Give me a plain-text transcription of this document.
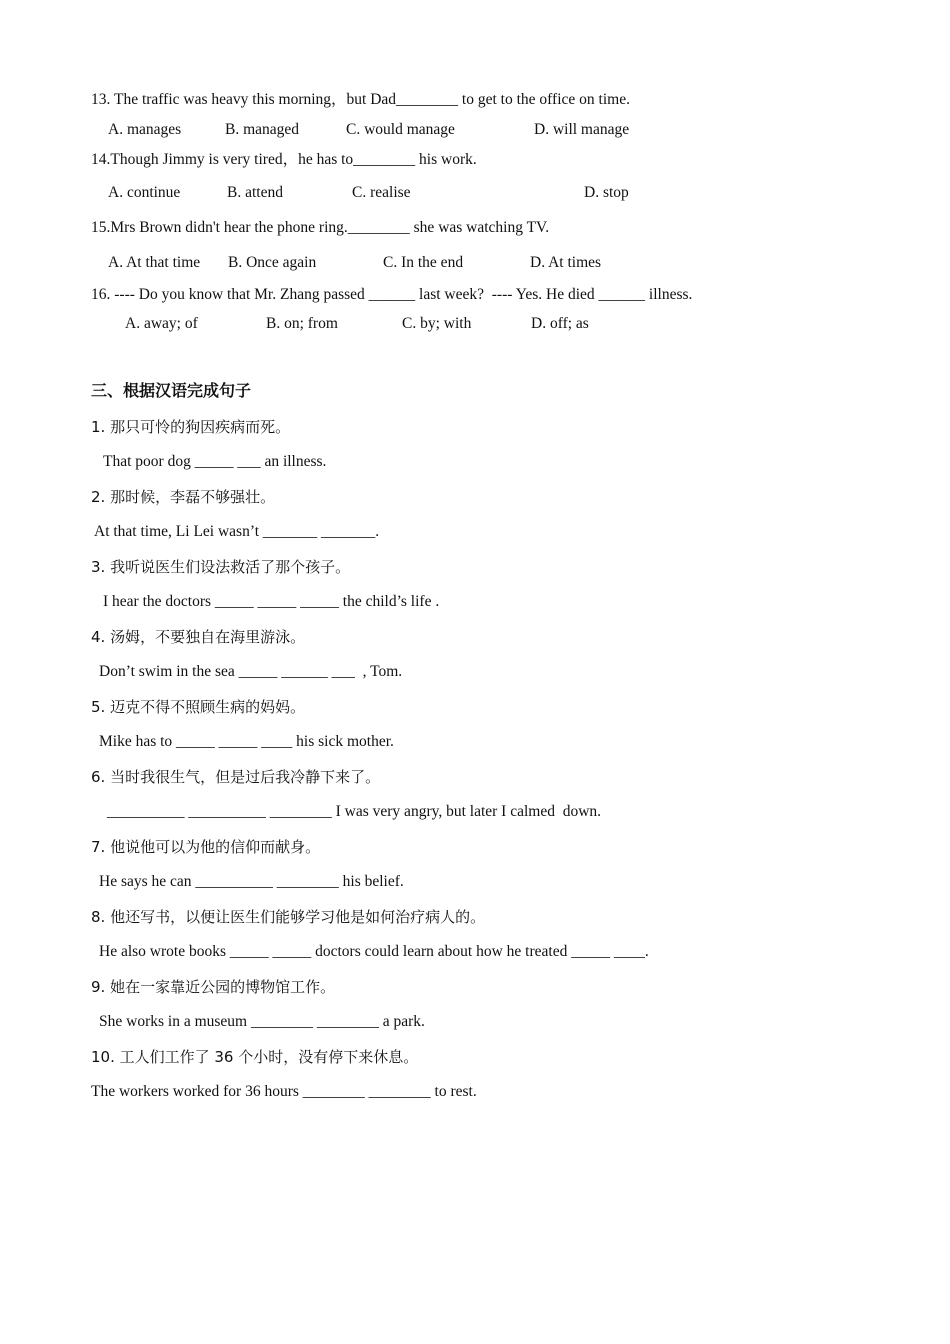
13. The traffic was heavy this morning，but Dad________ to get to the office on time.

A. manages	B. managed	C. would manage	D. will manage

14.Though Jimmy is very tired，he has to________ his work.

A. continue	B. attend	C. realise	D. stop

15.Mrs Brown didn't hear the phone ring.________ she was watching TV.

A. At that time B. Once again	C. In the end	D. At times

16. ---- Do you know that Mr. Zhang passed ______ last week?  ---- Yes. He died ______ illness.

A. away; of	B. on; from	C. by; with	D. off; as

三、根据汉语完成句子

1. 那只可怜的狗因疾病而死。

That poor dog _____ ___ an illness.

2. 那时候，李磊不够强壮。

At that time, Li Lei wasn’t _______ _______.

3. 我听说医生们设法救活了那个孩子。

I hear the doctors _____ _____ _____ the child’s life .

4. 汤姆，不要独自在海里游泳。

Don’t swim in the sea _____ ______ ___  , Tom.

5. 迈克不得不照顾生病的妈妈。

Mike has to _____ _____ ____ his sick mother.

6. 当时我很生气，但是过后我冷静下来了。

__________ __________ ________ I was very angry, but later I calmed  down.

7. 他说他可以为他的信仰而献身。

He says he can __________ ________ his belief.

8. 他还写书，以便让医生们能够学习他是如何治疗病人的。

He also wrote books _____ _____ doctors could learn about how he treated _____ ____.

9. 她在一家靠近公园的博物馆工作。

She works in a museum ________ ________ a park.

10. 工人们工作了 36 个小时，没有停下来休息。

The workers worked for 36 hours ________ ________ to rest.
